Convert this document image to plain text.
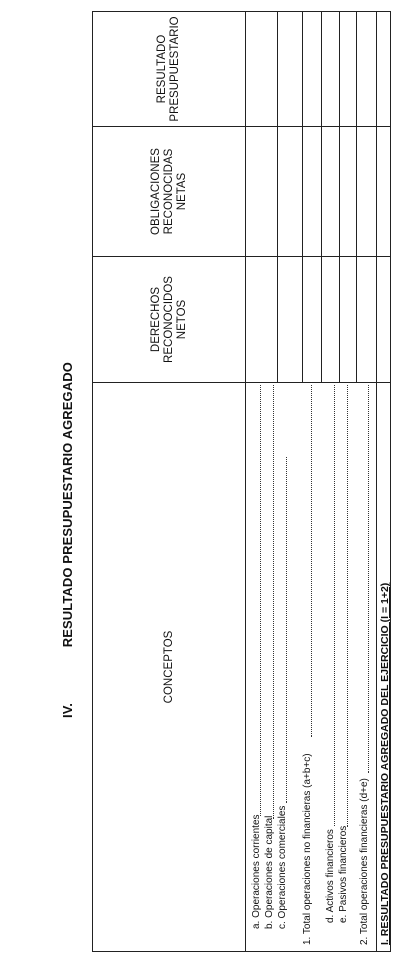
IV. RESULTADO PRESUPUESTARIO AGREGADO
CONCEPTOS
DERECHOS RECONOCIDOS NETOS
OBLIGACIONES RECONOCIDAS NETAS
RESULTADO PRESUPUESTARIO
a. Operaciones corrientes b. Operaciones de capital c. Operaciones comerciales 1. Total operaciones no financieras (a+b+c) d. Activos financieros e. Pasivos financieros 2. Total operaciones financieras (d+e) I. RESULTADO PRESUPUESTARIO AGREGADO DEL EJERCICIO (I = 1+2)
